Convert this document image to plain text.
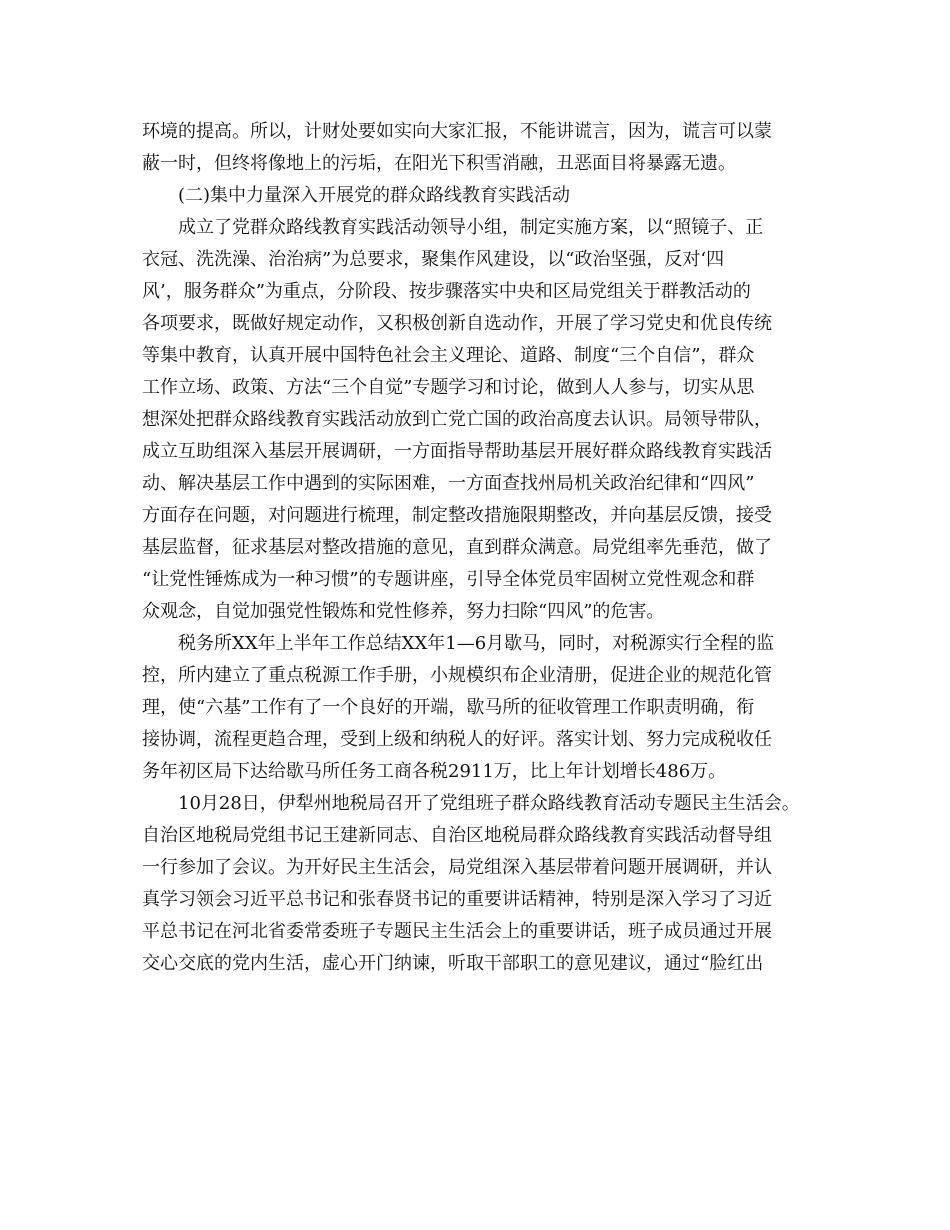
环境的提高。所以，计财处要如实向大家汇报，不能讲谎言，因为，谎言可以蒙
蔽一时，但终将像地上的污垢，在阳光下积雪消融，丑恶面目将暴露无遗。
(二)集中力量深入开展党的群众路线教育实践活动
成立了党群众路线教育实践活动领导小组，制定实施方案，以“照镜子、正
衣冠、洗洗澡、治治病”为总要求，聚集作风建设，以“政治坚强，反对‘四
风’，服务群众”为重点，分阶段、按步骤落实中央和区局党组关于群教活动的
各项要求，既做好规定动作，又积极创新自选动作，开展了学习党史和优良传统
等集中教育，认真开展中国特色社会主义理论、道路、制度“三个自信”，群众
工作立场、政策、方法“三个自觉”专题学习和讨论，做到人人参与，切实从思
想深处把群众路线教育实践活动放到亡党亡国的政治高度去认识。局领导带队，
成立互助组深入基层开展调研，一方面指导帮助基层开展好群众路线教育实践活
动、解决基层工作中遇到的实际困难，一方面查找州局机关政治纪律和“四风”
方面存在问题，对问题进行梳理，制定整改措施限期整改，并向基层反馈，接受
基层监督，征求基层对整改措施的意见，直到群众满意。局党组率先垂范，做了
“让党性锤炼成为一种习惯”的专题讲座，引导全体党员牢固树立党性观念和群
众观念，自觉加强党性锻炼和党性修养，努力扫除“四风”的危害。
税务所XX年上半年工作总结XX年1—6月歇马，同时，对税源实行全程的监
控，所内建立了重点税源工作手册，小规模织布企业清册，促进企业的规范化管
理，使“六基”工作有了一个良好的开端，歇马所的征收管理工作职责明确，衔
接协调，流程更趋合理，受到上级和纳税人的好评。落实计划、努力完成税收任
务年初区局下达给歇马所任务工商各税2911万，比上年计划增长486万。
10月28日，伊犁州地税局召开了党组班子群众路线教育活动专题民主生活会。
自治区地税局党组书记王建新同志、自治区地税局群众路线教育实践活动督导组
一行参加了会议。为开好民主生活会，局党组深入基层带着问题开展调研，并认
真学习领会习近平总书记和张春贤书记的重要讲话精神，特别是深入学习了习近
平总书记在河北省委常委班子专题民主生活会上的重要讲话，班子成员通过开展
交心交底的党内生活，虚心开门纳谏，听取干部职工的意见建议，通过“脸红出
